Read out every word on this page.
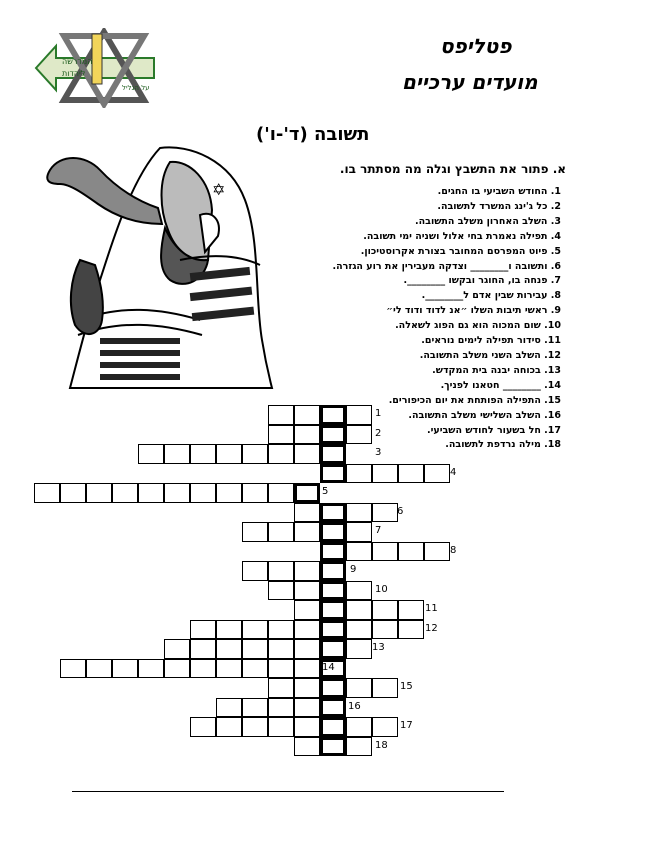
המדרשה
ליהדות
על הגליל
פטליפס
מועדים ערכיים
תשובה (ד'-ו')
א. פתור את התשבץ וגלה מה מסתתר בו.
✡	1. החודש השביעי בו החגים.
2. כל ג'ינג המשרד לתשובה.
3. השלב האחרון משלב התשובה.
4. תפילה נאמרת בחי אלול ושניה ימי תשובה.
5. פיוט המפרסם המחובר בצורת אקרוסטיכון.
6. ותשובה ו________ וצדקה מעבירין את רוע הגזרה.
7. פנחה בו, החוגר ובקשו ________.
8. עבירות שבין אדם ל________.
9. ראשי תיבות השלו ״אנ לדוד ודוד לי״
10. שום המכוה הוא גם הפוג לשאלה.
11. סידור תפילה לימים נוראים.
12. השלב השני משלב התשובה.
13. בכוחה יבנה בית המקדש.
14. ________ חטאנו לפניך.
15. התפילה הפותחת את יום הכיפורים.
16. השלב השלישי משלב התשובה.
17. חל בשעור לחודש השביעי.
18. מילה נרדפת לתשובה.
1
2
3
4
5
6
7
8
9
10
11
12
13
14
15
16
17
18
